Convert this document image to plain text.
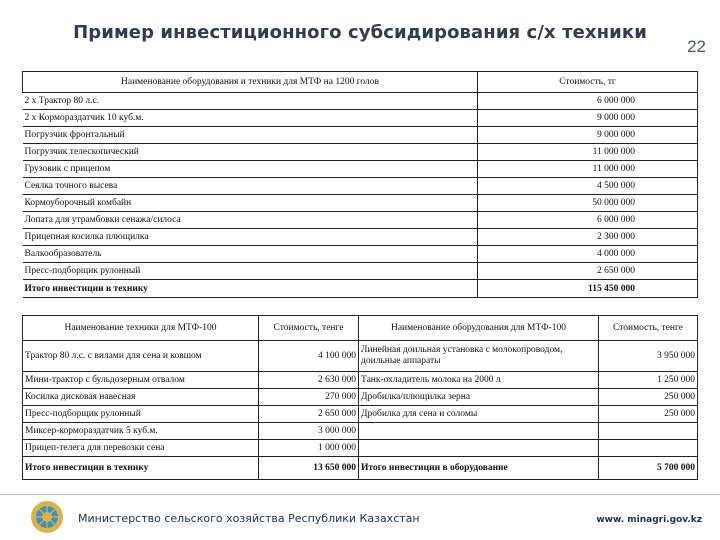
Пример инвестиционного субсидирования с/х техники
22
Наименование оборудования и техники для МТФ на 1200 голов	Стоимость, тг
2 х Трактор 80 л.с.	6 000 000
2 х Кормораздатчик 10 куб.м.	9 000 000
Погрузчик фронтальный	9 000 000
Погрузчик телескопический	11 000 000
Грузовик с прицепом	11 000 000
Сеялка точного высева	4 500 000
Кормоуборочный комбайн	50 000 000
Лопата для утрамбовки сенажа/силоса	6 000 000
Прицепная косилка плющилка	2 300 000
Валкообразователь	4 000 000
Пресс-подборщик рулонный	2 650 000
Итого инвестиции в технику	115 450 000
Наименование техники для МТФ-100	Стоимость, тенге	Наименование оборудования для МТФ-100	Стоимость, тенге
Трактор 80 л.с. с вилами для сена и ковшом	4 100 000	Линейная доильная установка с молокопроводом, доильные аппараты	3 950 000
Мини-трактор с бульдозерным отвалом	2 630 000	Танк-охладитель молока на 2000 л	1 250 000
Косилка дисковая навесная	270 000	Дробилка/плющилка зерна	250 000
Пресс-подборщик рулонный	2 650 000	Дробилка для сена и соломы	250 000
Миксер-кормораздатчик 5 куб.м.	3 000 000		
Прицеп-телега для перевозки сена	1 000 000		
Итого инвестиции в технику	13 650 000	Итого инвестиции в оборудование	5 700 000
Министерство сельского хозяйства Республики Казахстан	www. minagri.gov.kz
